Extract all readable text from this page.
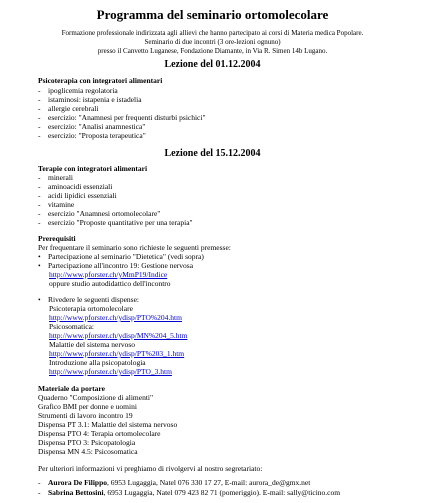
Programma del seminario ortomolecolare
Formazione professionale indirizzata agli allievi che hanno partecipato ai corsi di Materia medica Popolare.
Seminario di due incontri (3 ore-lezioni ognuno)
presso il Canvetto Luganese, Fondazione Diamante, in Via R. Simen 14b Lugano.
Lezione del 01.12.2004
Psicoterapia con integratori alimentari
- ipoglicemia regolatoria
- istaminosi: istapenia e istadelia
- allergie cerebrali
- esercizio: "Anamnesi per frequenti disturbi psichici"
- esercizio: "Analisi anamnestica"
- esercizio: "Proposta terapeutica"
Lezione del 15.12.2004
Terapie con integratori alimentari
- minerali
- aminoacidi essenziali
- acidi lipidici essenziali
- vitamine
- esercizio "Anamnesi ortomolecolare"
- esercizio "Proposte quantitative per una terapia"
Prerequisiti
Per frequentare il seminario sono richieste le seguenti premesse:
• Partecipazione al seminario "Dietetica" (vedi sopra)
• Partecipazione all'incontro 19: Gestione nervosa
http://www.pforster.ch/yMmP19/Indice
oppure studio autodidattico dell'incontro
• Rivedere le seguenti dispense:
Psicoterapia ortomolecolare
http://www.pforster.ch/ydisp/PTO%204.htm
Psicosomatica:
http://www.pforster.ch/ydisp/MN%204_5.htm
Malattie del sistema nervoso
http://www.pforster.ch/ydisp/PT%203_1.htm
Introduzione alla psicopatologia
http://www.pforster.ch/ydisp/PTO_3.htm
Materiale da portare
Quaderno "Composizione di alimenti"
Grafico BMI per donne e uomini
Strumenti di lavoro incontro 19
Dispensa PT 3.1: Malattie del sistema nervoso
Dispensa PTO 4: Terapia ortomolecolare
Dispensa PTO 3: Psicopatologia
Dispensa MN 4.5: Psicosomatica
Per ulteriori informazioni vi preghiamo di rivolgervi al nostro segretariato:
- Aurora De Filippo, 6953 Lugaggia, Natel 076 330 17 27, E-mail: aurora_de@gmx.net
- Sabrina Bettosini, 6953 Lugaggia, Natel 079 423 82 71 (pomeriggio). E-mail: sally@ticino.com
